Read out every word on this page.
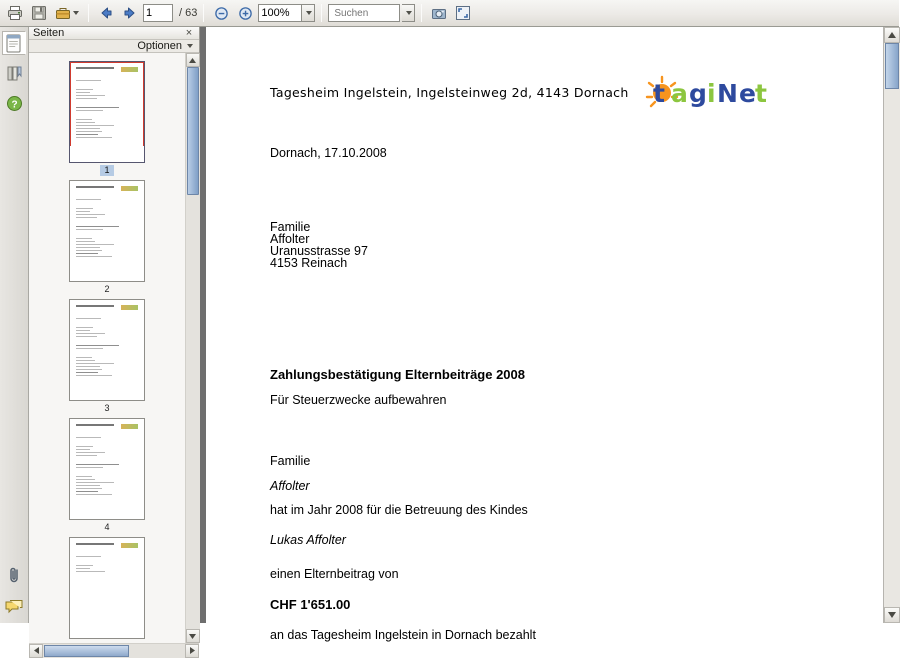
1
/ 63	100%
Suchen
?
Seiten	×
Optionen
1
2
3
4
Tagesheim Ingelstein, Ingelsteinweg 2d, 4143 Dornach t a g i N e t
Dornach, 17.10.2008
Familie
Affolter
Uranusstrasse 97
4153 Reinach
Zahlungsbestätigung Elternbeiträge 2008
Für Steuerzwecke aufbewahren
Familie
Affolter
hat im Jahr 2008 für die Betreuung des Kindes
Lukas Affolter
einen Elternbeitrag von
CHF 1'651.00
an das Tagesheim Ingelstein in Dornach bezahlt
